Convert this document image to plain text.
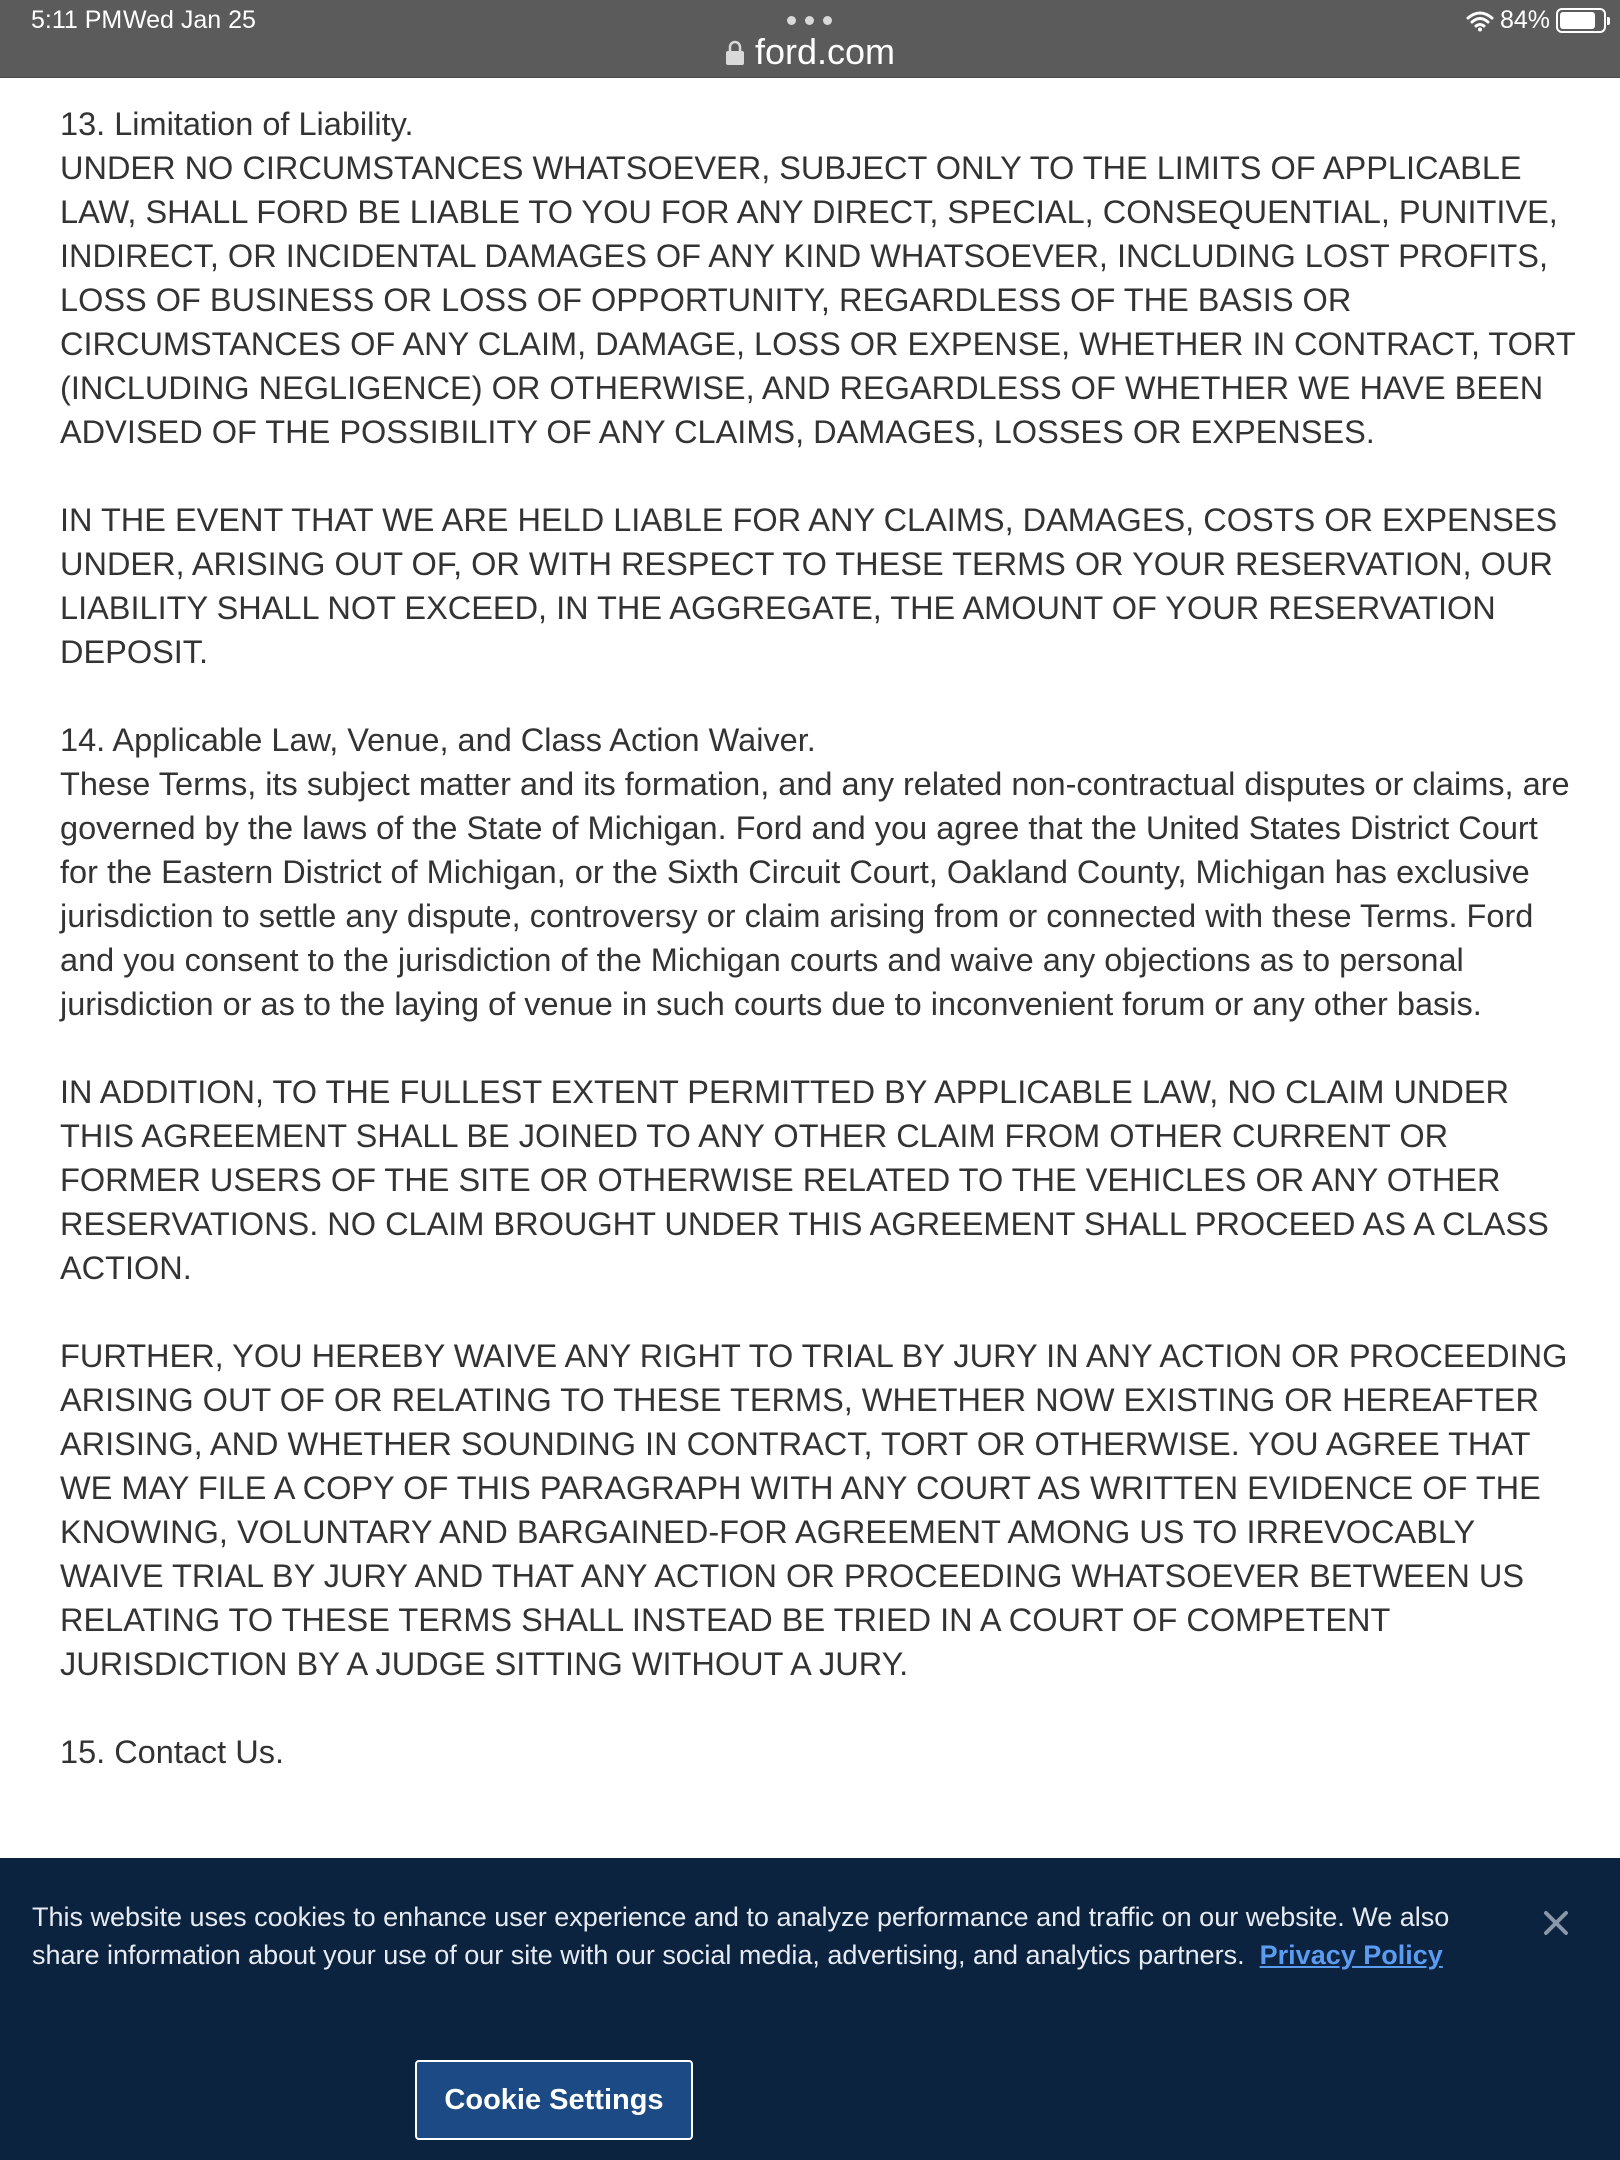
5:11 PM Wed Jan 25
ford.com
84%

13. Limitation of Liability.

UNDER NO CIRCUMSTANCES WHATSOEVER, SUBJECT ONLY TO THE LIMITS OF APPLICABLE LAW, SHALL FORD BE LIABLE TO YOU FOR ANY DIRECT, SPECIAL, CONSEQUENTIAL, PUNITIVE, INDIRECT, OR INCIDENTAL DAMAGES OF ANY KIND WHATSOEVER, INCLUDING LOST PROFITS, LOSS OF BUSINESS OR LOSS OF OPPORTUNITY, REGARDLESS OF THE BASIS OR CIRCUMSTANCES OF ANY CLAIM, DAMAGE, LOSS OR EXPENSE, WHETHER IN CONTRACT, TORT (INCLUDING NEGLIGENCE) OR OTHERWISE, AND REGARDLESS OF WHETHER WE HAVE BEEN ADVISED OF THE POSSIBILITY OF ANY CLAIMS, DAMAGES, LOSSES OR EXPENSES.

IN THE EVENT THAT WE ARE HELD LIABLE FOR ANY CLAIMS, DAMAGES, COSTS OR EXPENSES UNDER, ARISING OUT OF, OR WITH RESPECT TO THESE TERMS OR YOUR RESERVATION, OUR LIABILITY SHALL NOT EXCEED, IN THE AGGREGATE, THE AMOUNT OF YOUR RESERVATION DEPOSIT.

14. Applicable Law, Venue, and Class Action Waiver.

These Terms, its subject matter and its formation, and any related non-contractual disputes or claims, are governed by the laws of the State of Michigan. Ford and you agree that the United States District Court for the Eastern District of Michigan, or the Sixth Circuit Court, Oakland County, Michigan has exclusive jurisdiction to settle any dispute, controversy or claim arising from or connected with these Terms. Ford and you consent to the jurisdiction of the Michigan courts and waive any objections as to personal jurisdiction or as to the laying of venue in such courts due to inconvenient forum or any other basis.

IN ADDITION, TO THE FULLEST EXTENT PERMITTED BY APPLICABLE LAW, NO CLAIM UNDER THIS AGREEMENT SHALL BE JOINED TO ANY OTHER CLAIM FROM OTHER CURRENT OR FORMER USERS OF THE SITE OR OTHERWISE RELATED TO THE VEHICLES OR ANY OTHER RESERVATIONS. NO CLAIM BROUGHT UNDER THIS AGREEMENT SHALL PROCEED AS A CLASS ACTION.

FURTHER, YOU HEREBY WAIVE ANY RIGHT TO TRIAL BY JURY IN ANY ACTION OR PROCEEDING ARISING OUT OF OR RELATING TO THESE TERMS, WHETHER NOW EXISTING OR HEREAFTER ARISING, AND WHETHER SOUNDING IN CONTRACT, TORT OR OTHERWISE. YOU AGREE THAT WE MAY FILE A COPY OF THIS PARAGRAPH WITH ANY COURT AS WRITTEN EVIDENCE OF THE KNOWING, VOLUNTARY AND BARGAINED-FOR AGREEMENT AMONG US TO IRREVOCABLY WAIVE TRIAL BY JURY AND THAT ANY ACTION OR PROCEEDING WHATSOEVER BETWEEN US RELATING TO THESE TERMS SHALL INSTEAD BE TRIED IN A COURT OF COMPETENT JURISDICTION BY A JUDGE SITTING WITHOUT A JURY.

15. Contact Us.

This website uses cookies to enhance user experience and to analyze performance and traffic on our website. We also share information about your use of our site with our social media, advertising, and analytics partners. Privacy Policy
Cookie Settings
